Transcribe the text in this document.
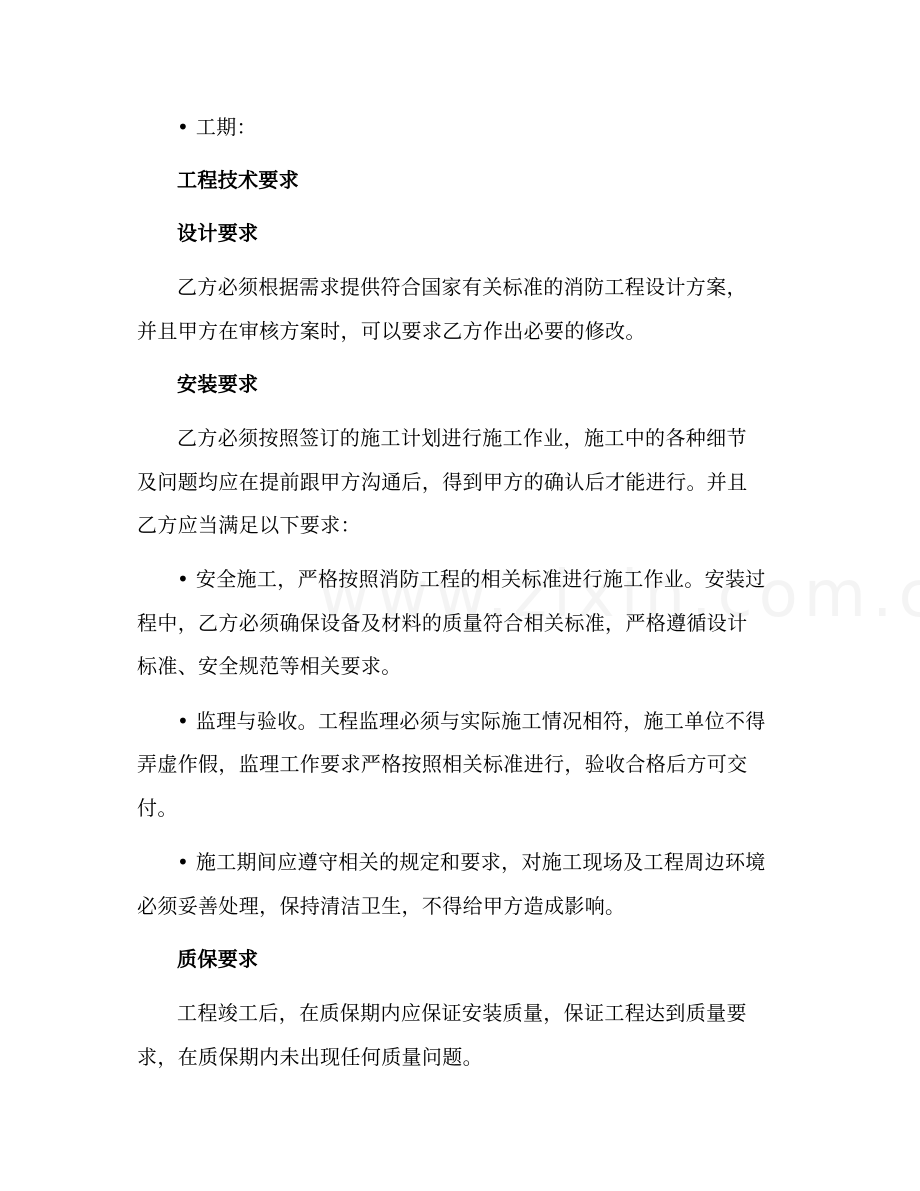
• 工期：
工程技术要求
设计要求
乙方必须根据需求提供符合国家有关标准的消防工程设计方案，
并且甲方在审核方案时，可以要求乙方作出必要的修改。
安装要求
乙方必须按照签订的施工计划进行施工作业，施工中的各种细节
及问题均应在提前跟甲方沟通后，得到甲方的确认后才能进行。并且
乙方应当满足以下要求：
• 安全施工，严格按照消防工程的相关标准进行施工作业。安装过
程中，乙方必须确保设备及材料的质量符合相关标准，严格遵循设计
标准、安全规范等相关要求。
• 监理与验收。工程监理必须与实际施工情况相符，施工单位不得
弄虚作假，监理工作要求严格按照相关标准进行，验收合格后方可交
付。
• 施工期间应遵守相关的规定和要求，对施工现场及工程周边环境
必须妥善处理，保持清洁卫生，不得给甲方造成影响。
质保要求
工程竣工后，在质保期内应保证安装质量，保证工程达到质量要
求，在质保期内未出现任何质量问题。
